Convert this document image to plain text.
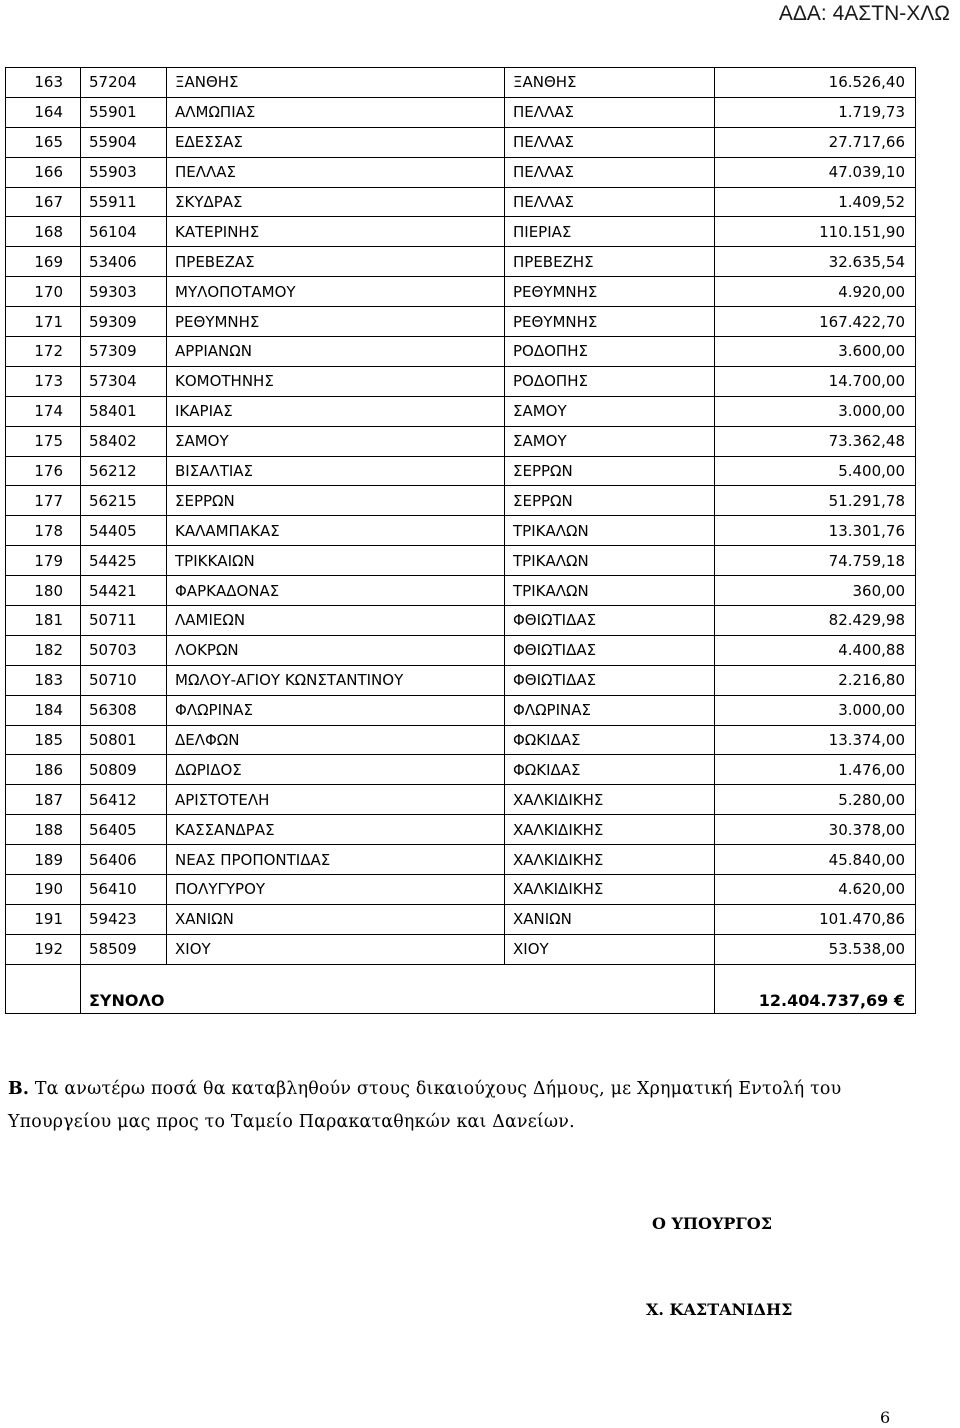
ΑΔΑ: 4ΑΣΤΝ-ΧΛΩ
163	57204	ΞΑΝΘΗΣ	ΞΑΝΘΗΣ	16.526,40
164	55901	ΑΛΜΩΠΙΑΣ	ΠΕΛΛΑΣ	1.719,73
165	55904	ΕΔΕΣΣΑΣ	ΠΕΛΛΑΣ	27.717,66
166	55903	ΠΕΛΛΑΣ	ΠΕΛΛΑΣ	47.039,10
167	55911	ΣΚΥΔΡΑΣ	ΠΕΛΛΑΣ	1.409,52
168	56104	ΚΑΤΕΡΙΝΗΣ	ΠΙΕΡΙΑΣ	110.151,90
169	53406	ΠΡΕΒΕΖΑΣ	ΠΡΕΒΕΖΗΣ	32.635,54
170	59303	ΜΥΛΟΠΟΤΑΜΟΥ	ΡΕΘΥΜΝΗΣ	4.920,00
171	59309	ΡΕΘΥΜΝΗΣ	ΡΕΘΥΜΝΗΣ	167.422,70
172	57309	ΑΡΡΙΑΝΩΝ	ΡΟΔΟΠΗΣ	3.600,00
173	57304	ΚΟΜΟΤΗΝΗΣ	ΡΟΔΟΠΗΣ	14.700,00
174	58401	ΙΚΑΡΙΑΣ	ΣΑΜΟΥ	3.000,00
175	58402	ΣΑΜΟΥ	ΣΑΜΟΥ	73.362,48
176	56212	ΒΙΣΑΛΤΙΑΣ	ΣΕΡΡΩΝ	5.400,00
177	56215	ΣΕΡΡΩΝ	ΣΕΡΡΩΝ	51.291,78
178	54405	ΚΑΛΑΜΠΑΚΑΣ	ΤΡΙΚΑΛΩΝ	13.301,76
179	54425	ΤΡΙΚΚΑΙΩΝ	ΤΡΙΚΑΛΩΝ	74.759,18
180	54421	ΦΑΡΚΑΔΟΝΑΣ	ΤΡΙΚΑΛΩΝ	360,00
181	50711	ΛΑΜΙΕΩΝ	ΦΘΙΩΤΙΔΑΣ	82.429,98
182	50703	ΛΟΚΡΩΝ	ΦΘΙΩΤΙΔΑΣ	4.400,88
183	50710	ΜΩΛΟΥ-ΑΓΙΟΥ ΚΩΝΣΤΑΝΤΙΝΟΥ	ΦΘΙΩΤΙΔΑΣ	2.216,80
184	56308	ΦΛΩΡΙΝΑΣ	ΦΛΩΡΙΝΑΣ	3.000,00
185	50801	ΔΕΛΦΩΝ	ΦΩΚΙΔΑΣ	13.374,00
186	50809	ΔΩΡΙΔΟΣ	ΦΩΚΙΔΑΣ	1.476,00
187	56412	ΑΡΙΣΤΟΤΕΛΗ	ΧΑΛΚΙΔΙΚΗΣ	5.280,00
188	56405	ΚΑΣΣΑΝΔΡΑΣ	ΧΑΛΚΙΔΙΚΗΣ	30.378,00
189	56406	ΝΕΑΣ ΠΡΟΠΟΝΤΙΔΑΣ	ΧΑΛΚΙΔΙΚΗΣ	45.840,00
190	56410	ΠΟΛΥΓΥΡΟΥ	ΧΑΛΚΙΔΙΚΗΣ	4.620,00
191	59423	ΧΑΝΙΩΝ	ΧΑΝΙΩΝ	101.470,86
192	58509	ΧΙΟΥ	ΧΙΟΥ	53.538,00
	ΣΥΝΟΛΟ			12.404.737,69 €
Β. Τα ανωτέρω ποσά θα καταβληθούν στους δικαιούχους Δήμους, με Χρηματική Εντολή του Υπουργείου μας προς το Ταμείο Παρακαταθηκών και Δανείων.
Ο ΥΠΟΥΡΓΟΣ
Χ. ΚΑΣΤΑΝΙΔΗΣ
6
